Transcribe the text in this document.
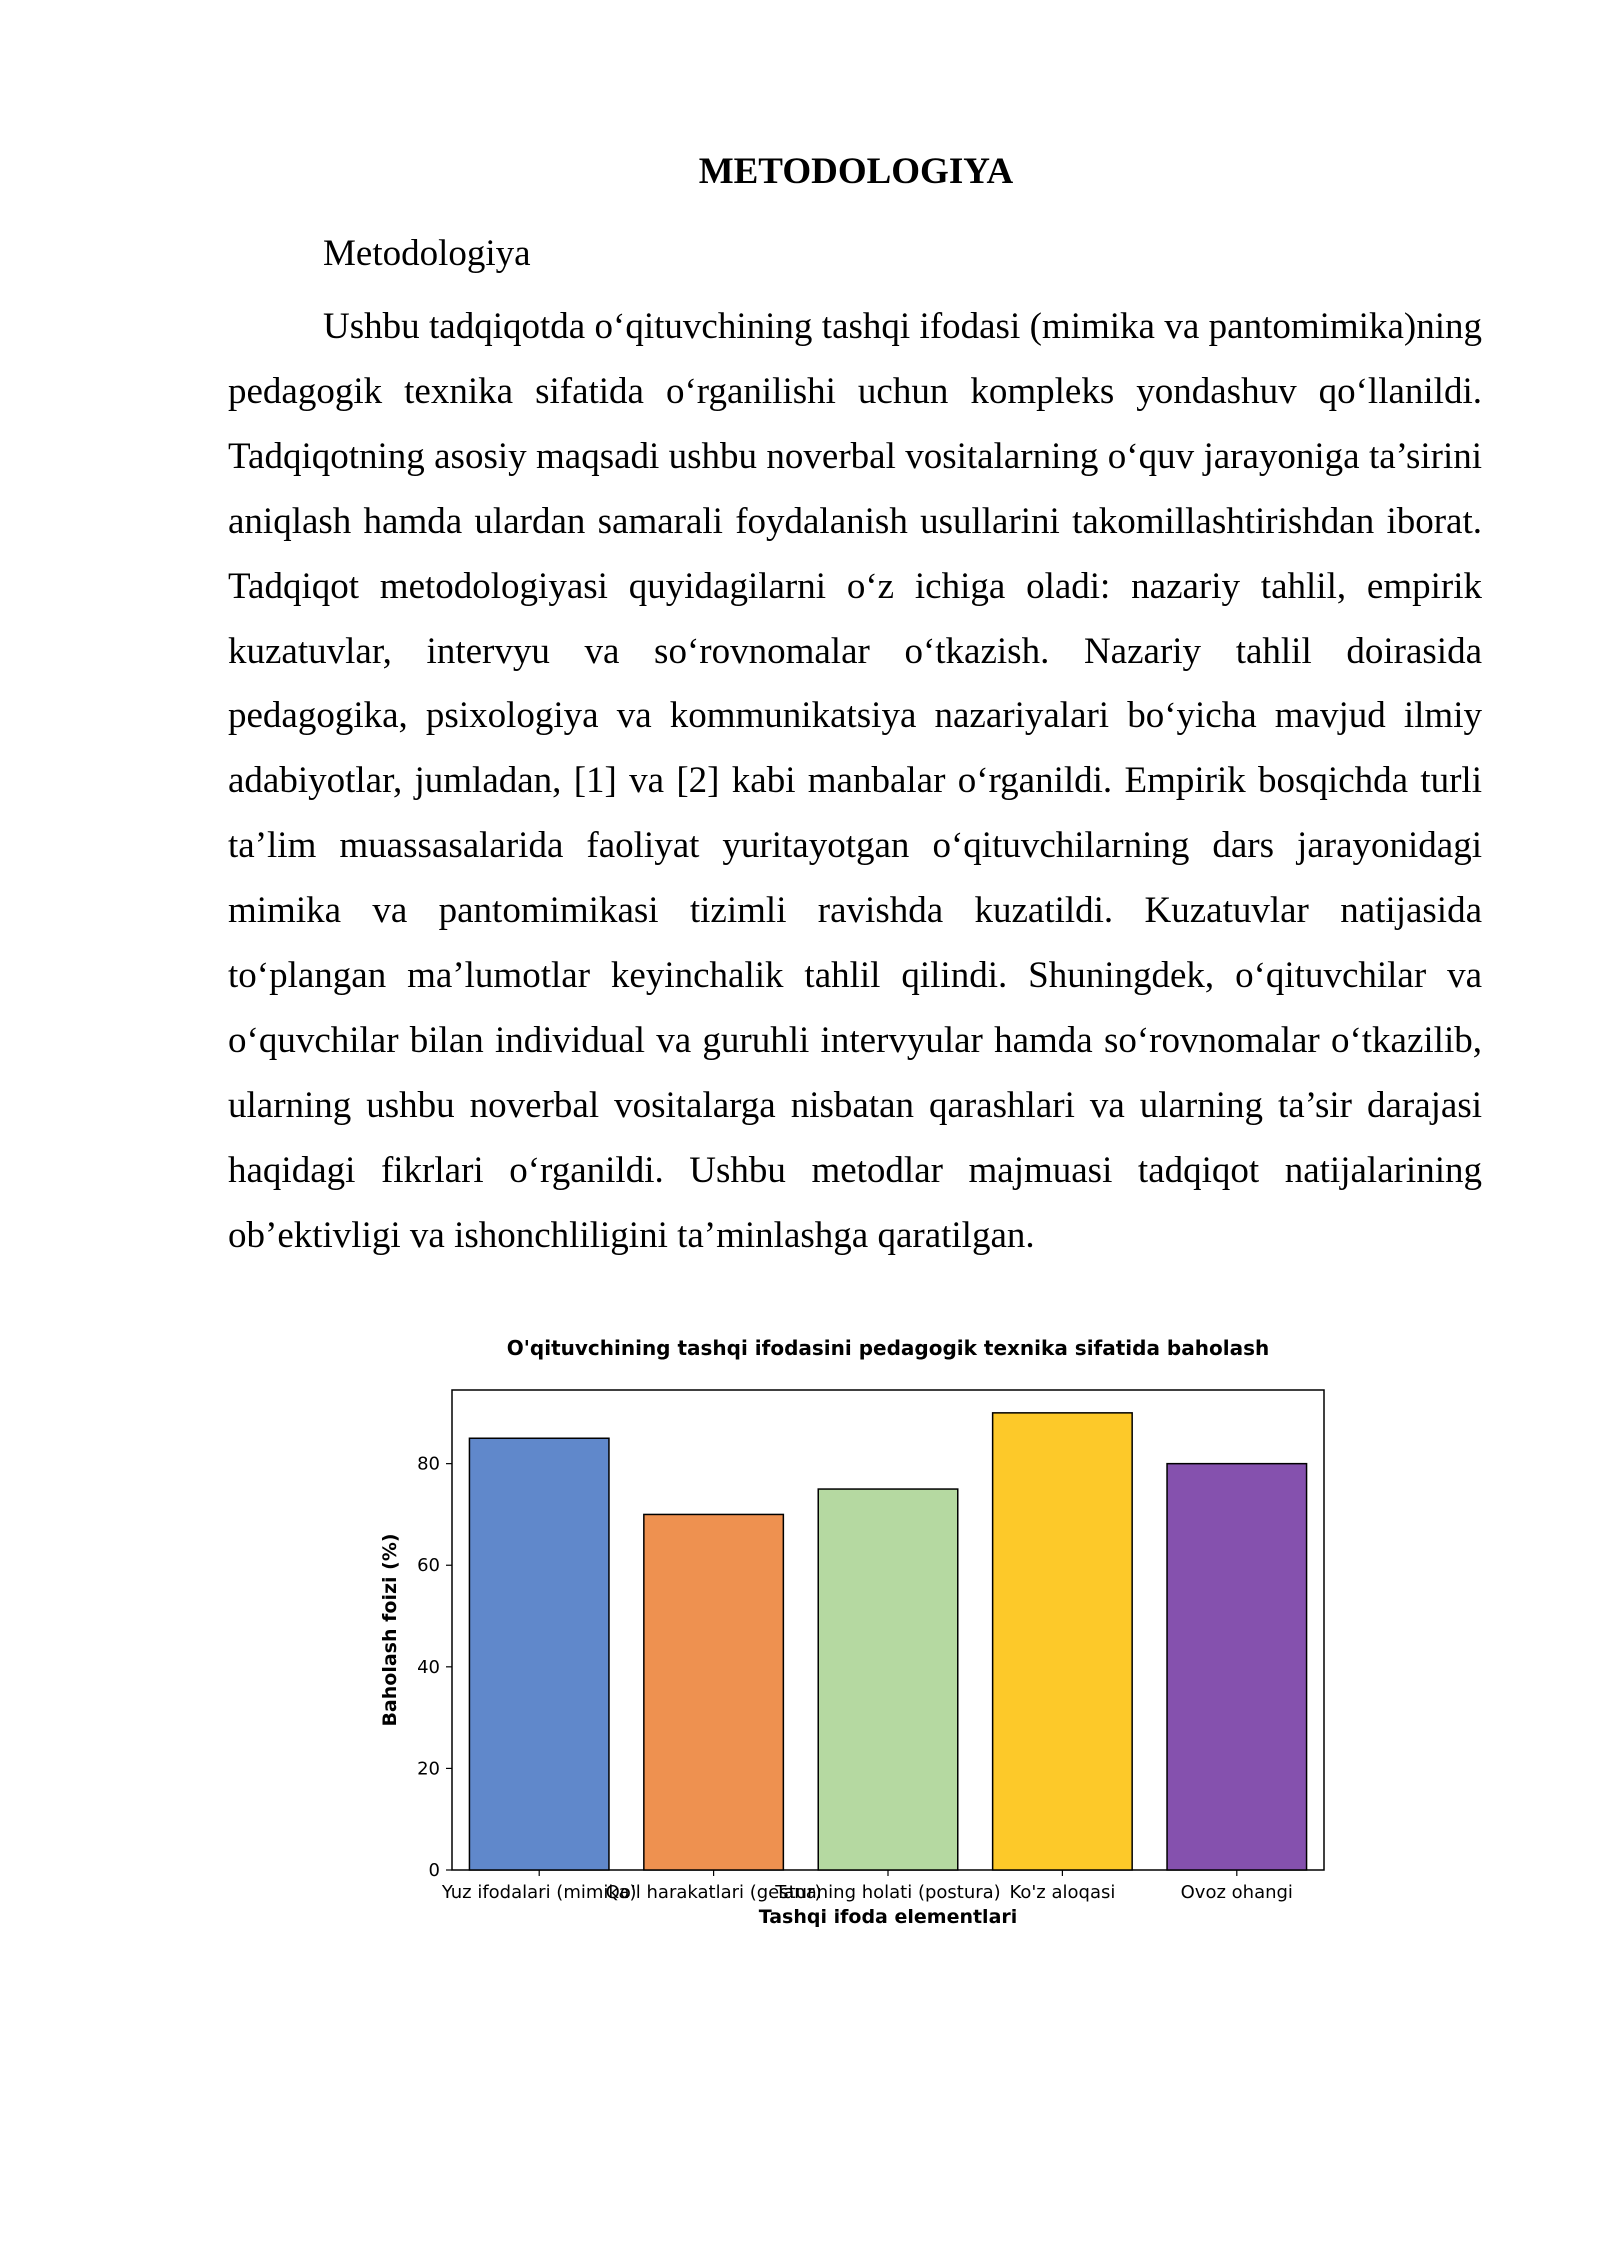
METODOLOGIYA

Metodologiya

Ushbu tadqiqotda o‘qituvchining tashqi ifodasi (mimika va pantomimika)ning pedagogik texnika sifatida o‘rganilishi uchun kompleks yondashuv qo‘llanildi. Tadqiqotning asosiy maqsadi ushbu noverbal vositalarning o‘quv jarayoniga ta’sirini aniqlash hamda ulardan samarali foydalanish usullarini takomillashtirishdan iborat. Tadqiqot metodologiyasi quyidagilarni o‘z ichiga oladi: nazariy tahlil, empirik kuzatuvlar, intervyu va so‘rovnomalar o‘tkazish. Nazariy tahlil doirasida pedagogika, psixologiya va kommunikatsiya nazariyalari bo‘yicha mavjud ilmiy adabiyotlar, jumladan, [1] va [2] kabi manbalar o‘rganildi. Empirik bosqichda turli ta’lim muassasalarida faoliyat yuritayotgan o‘qituvchilarning dars jarayonidagi mimika va pantomimikasi tizimli ravishda kuzatildi. Kuzatuvlar natijasida to‘plangan ma’lumotlar keyinchalik tahlil qilindi. Shuningdek, o‘qituvchilar va o‘quvchilar bilan individual va guruhli intervyular hamda so‘rovnomalar o‘tkazilib, ularning ushbu noverbal vositalarga nisbatan qarashlari va ularning ta’sir darajasi haqidagi fikrlari o‘rganildi. Ushbu metodlar majmuasi tadqiqot natijalarining ob’ektivligi va ishonchliligini ta’minlashga qaratilgan.

O'qituvchining tashqi ifodasini pedagogik texnika sifatida baholash
0
20
40
60
80
Yuz ifodalari (mimika)
Qo'l harakatlari (gestur)
Tananing holati (postura) Ko'z aloqasi	Ovoz ohangi
Tashqi ifoda elementlari
Baholash foizi (%)
